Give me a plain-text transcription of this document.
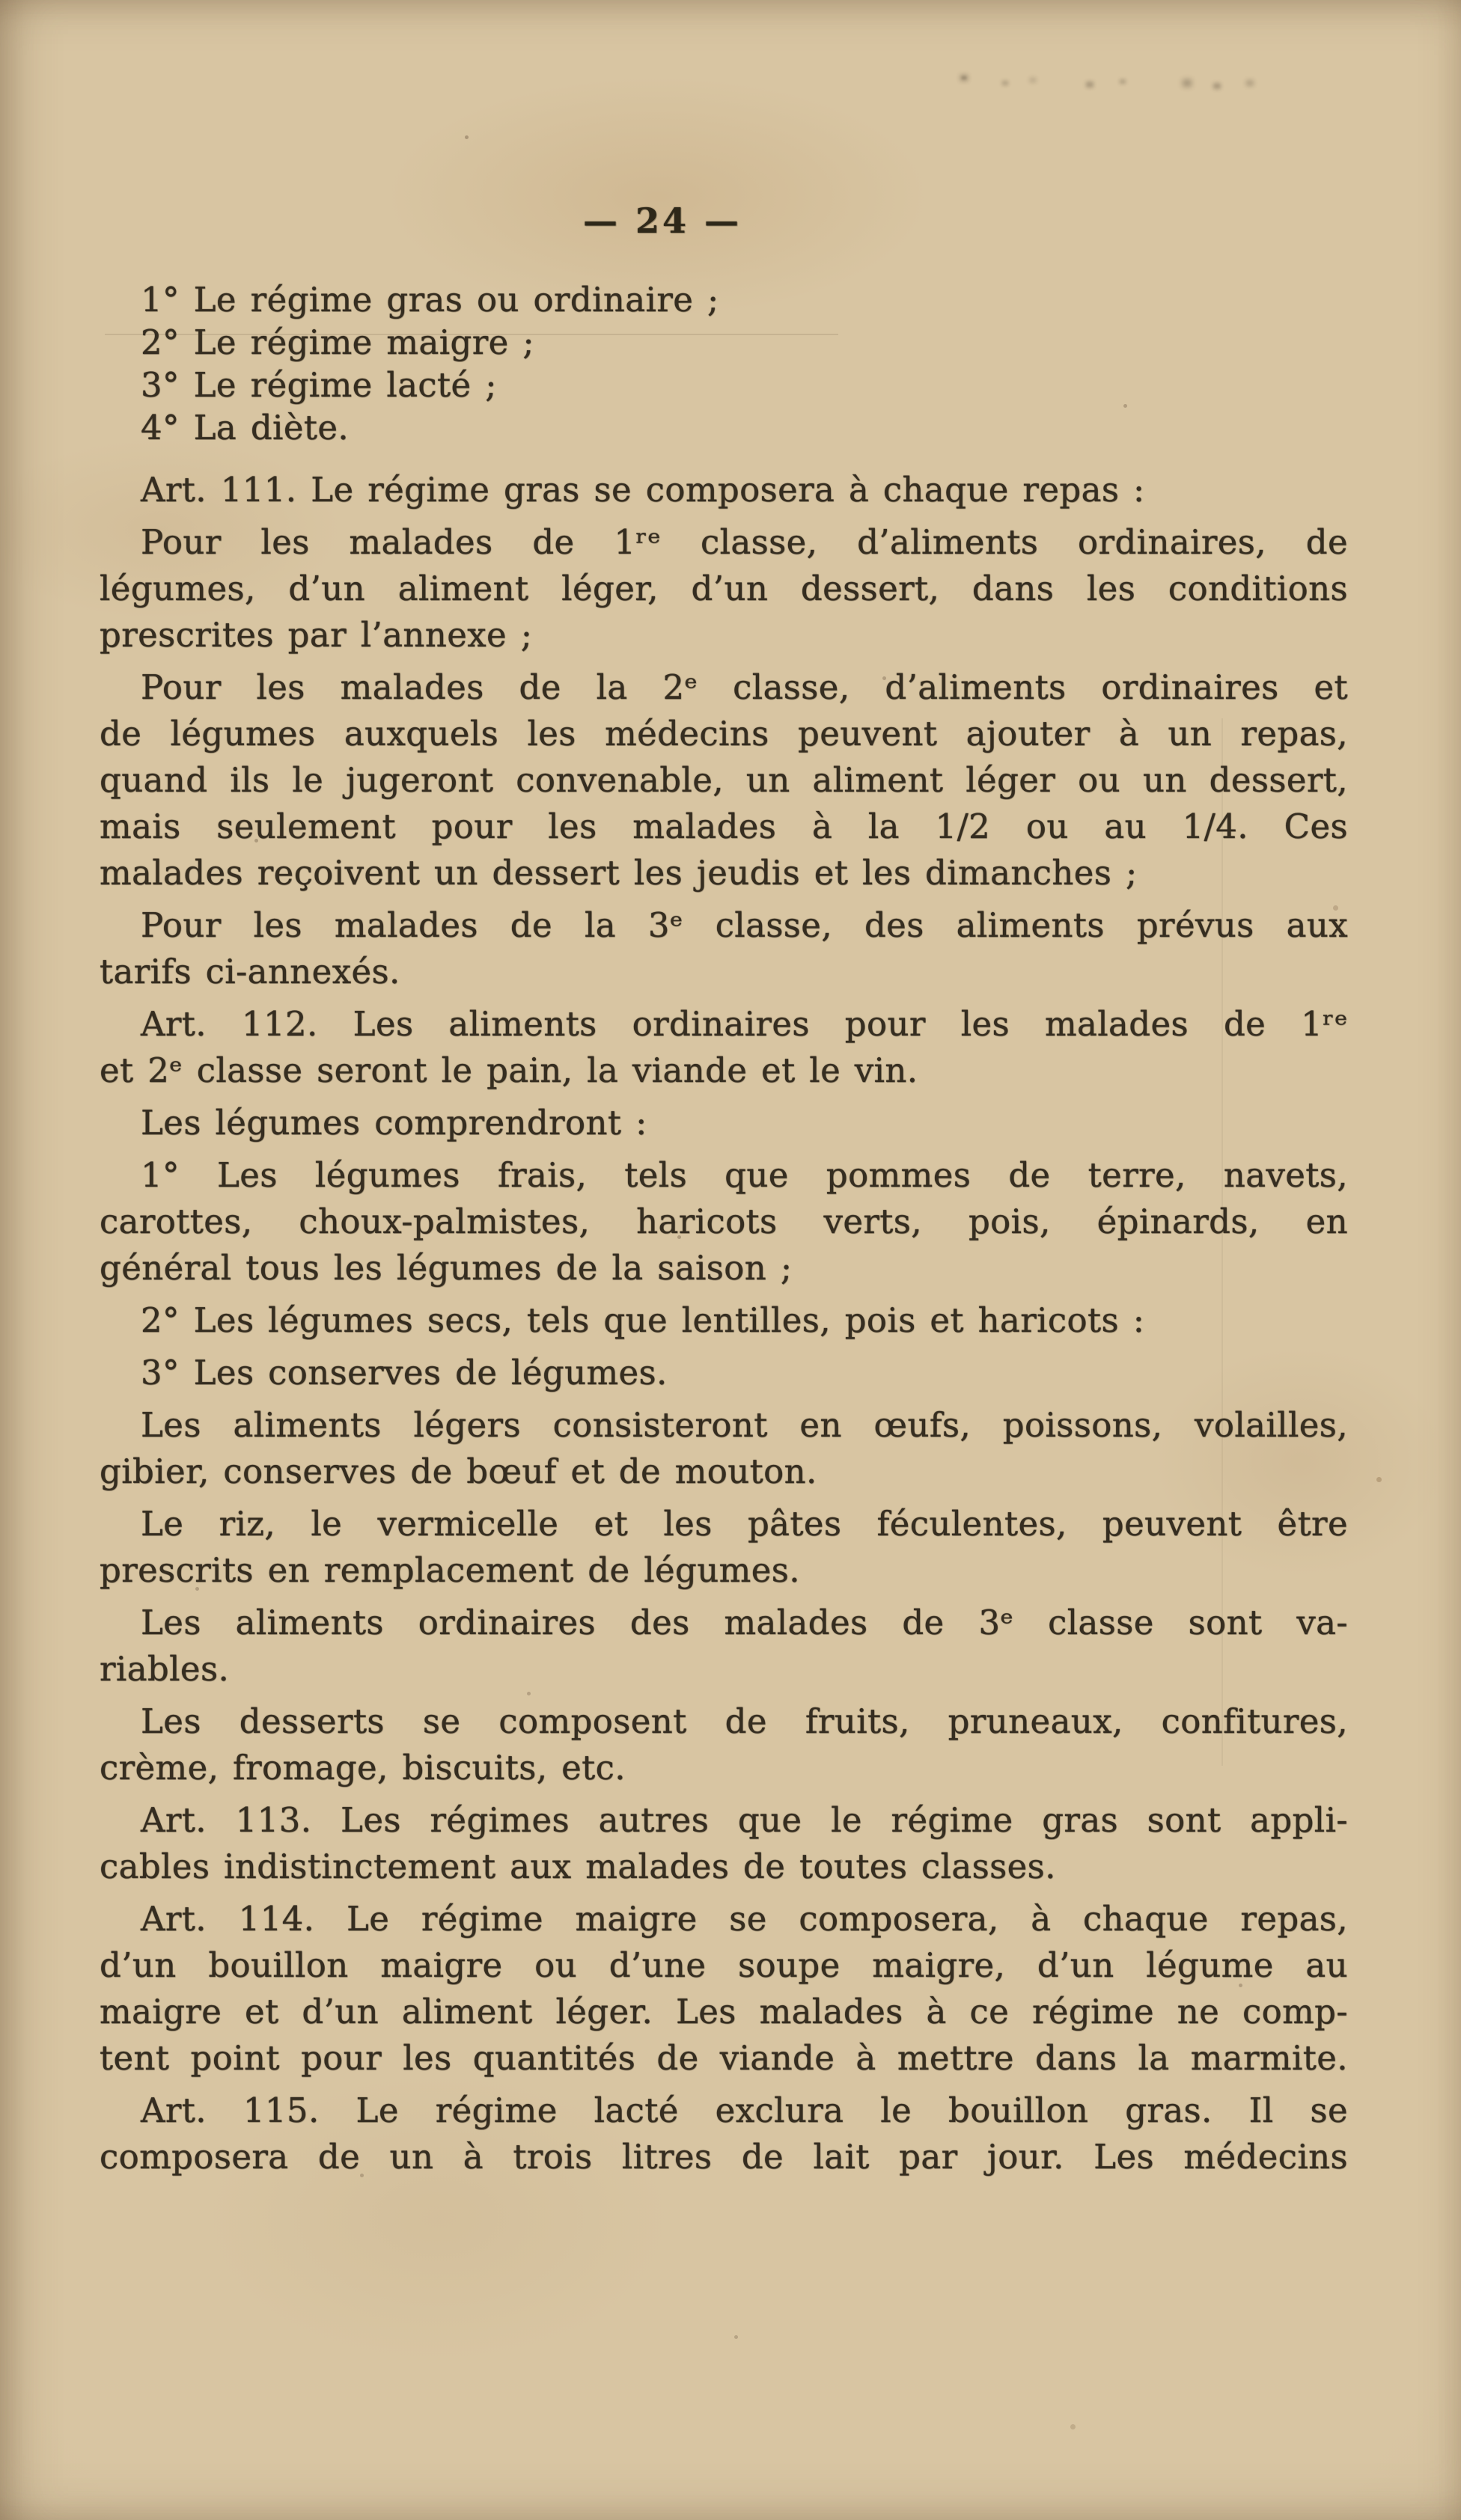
— 24 —
1° Le régime gras ou ordinaire ;
2° Le régime maigre ;
3° Le régime lacté ;
4° La diète.
Art. 111. Le régime gras se composera à chaque repas :
Pour les malades de 1ʳᵉ classe, d’aliments ordinaires, de
légumes, d’un aliment léger, d’un dessert, dans les conditions
prescrites par l’annexe ;
Pour les malades de la 2ᵉ classe, d’aliments ordinaires et
de légumes auxquels les médecins peuvent ajouter à un repas,
quand ils le jugeront convenable, un aliment léger ou un dessert,
mais seulement pour les malades à la 1/2 ou au 1/4. Ces
malades reçoivent un dessert les jeudis et les dimanches ;
Pour les malades de la 3ᵉ classe, des aliments prévus aux
tarifs ci-annexés.
Art. 112. Les aliments ordinaires pour les malades de 1ʳᵉ
et 2ᵉ classe seront le pain, la viande et le vin.
Les légumes comprendront :
1° Les légumes frais, tels que pommes de terre, navets,
carottes, choux-palmistes, haricots verts, pois, épinards, en
général tous les légumes de la saison ;
2° Les légumes secs, tels que lentilles, pois et haricots :
3° Les conserves de légumes.
Les aliments légers consisteront en œufs, poissons, volailles,
gibier, conserves de bœuf et de mouton.
Le riz, le vermicelle et les pâtes féculentes, peuvent être
prescrits en remplacement de légumes.
Les aliments ordinaires des malades de 3ᵉ classe sont va-
riables.
Les desserts se composent de fruits, pruneaux, confitures,
crème, fromage, biscuits, etc.
Art. 113. Les régimes autres que le régime gras sont appli-
cables indistinctement aux malades de toutes classes.
Art. 114. Le régime maigre se composera, à chaque repas,
d’un bouillon maigre ou d’une soupe maigre, d’un légume au
maigre et d’un aliment léger. Les malades à ce régime ne comp-
tent point pour les quantités de viande à mettre dans la marmite.
Art. 115. Le régime lacté exclura le bouillon gras. Il se
composera de un à trois litres de lait par jour. Les médecins
